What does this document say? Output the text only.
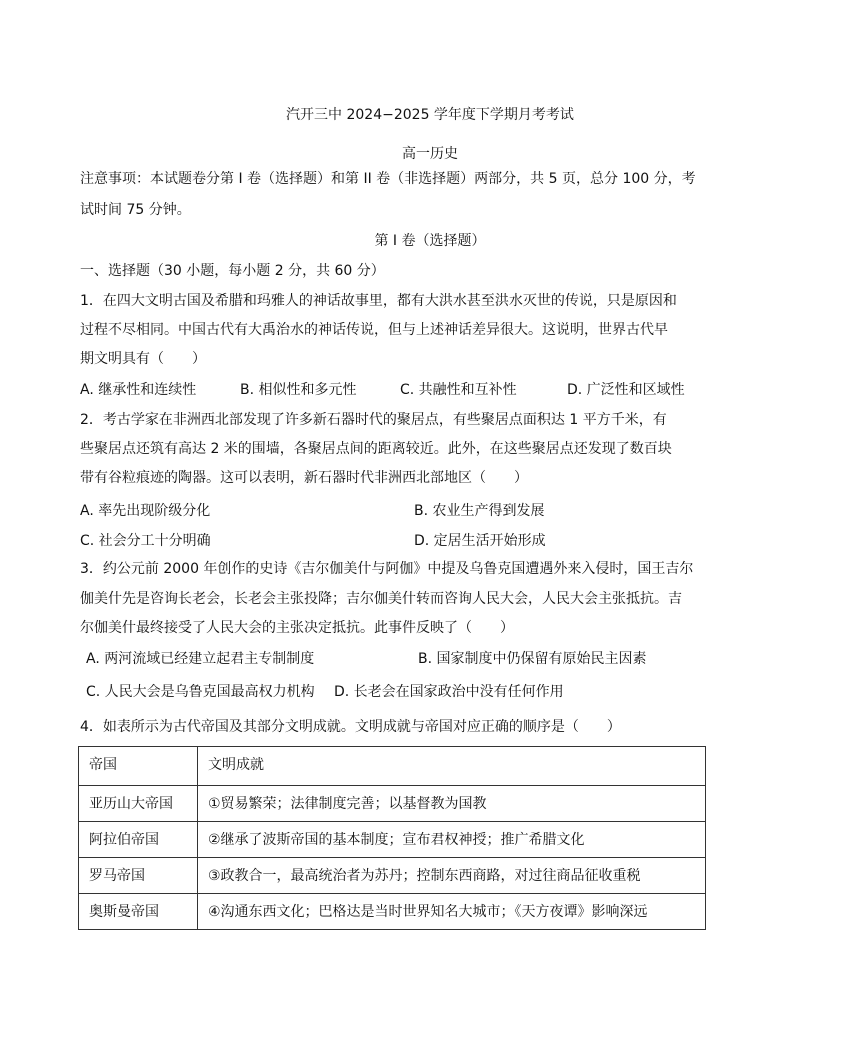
汽开三中 2024−2025 学年度下学期月考考试
高一历史
注意事项：本试题卷分第 I 卷（选择题）和第 II 卷（非选择题）两部分，共 5 页，总分 100 分，考
试时间 75 分钟。
第 I 卷（选择题）
一、选择题（30 小题，每小题 2 分，共 60 分）
1．在四大文明古国及希腊和玛雅人的神话故事里，都有大洪水甚至洪水灭世的传说，只是原因和
过程不尽相同。中国古代有大禹治水的神话传说，但与上述神话差异很大。这说明，世界古代早
期文明具有（　　）
A. 继承性和连续性	B. 相似性和多元性	C. 共融性和互补性	D. 广泛性和区域性
2．考古学家在非洲西北部发现了许多新石器时代的聚居点，有些聚居点面积达 1 平方千米，有
些聚居点还筑有高达 2 米的围墙，各聚居点间的距离较近。此外，在这些聚居点还发现了数百块
带有谷粒痕迹的陶器。这可以表明，新石器时代非洲西北部地区（　　）
A. 率先出现阶级分化	B. 农业生产得到发展
C. 社会分工十分明确	D. 定居生活开始形成
3．约公元前 2000 年创作的史诗《吉尔伽美什与阿伽》中提及乌鲁克国遭遇外来入侵时，国王吉尔
伽美什先是咨询长老会，长老会主张投降；吉尔伽美什转而咨询人民大会，人民大会主张抵抗。吉
尔伽美什最终接受了人民大会的主张决定抵抗。此事件反映了（　　）
A. 两河流域已经建立起君主专制制度	B. 国家制度中仍保留有原始民主因素
C. 人民大会是乌鲁克国最高权力机构 D. 长老会在国家政治中没有任何作用
4．如表所示为古代帝国及其部分文明成就。文明成就与帝国对应正确的顺序是（　　）
帝国	文明成就
亚历山大帝国	①贸易繁荣；法律制度完善；以基督教为国教
阿拉伯帝国	②继承了波斯帝国的基本制度；宣布君权神授；推广希腊文化
罗马帝国	③政教合一，最高统治者为苏丹；控制东西商路，对过往商品征收重税
奥斯曼帝国	④沟通东西文化；巴格达是当时世界知名大城市；《天方夜谭》影响深远
